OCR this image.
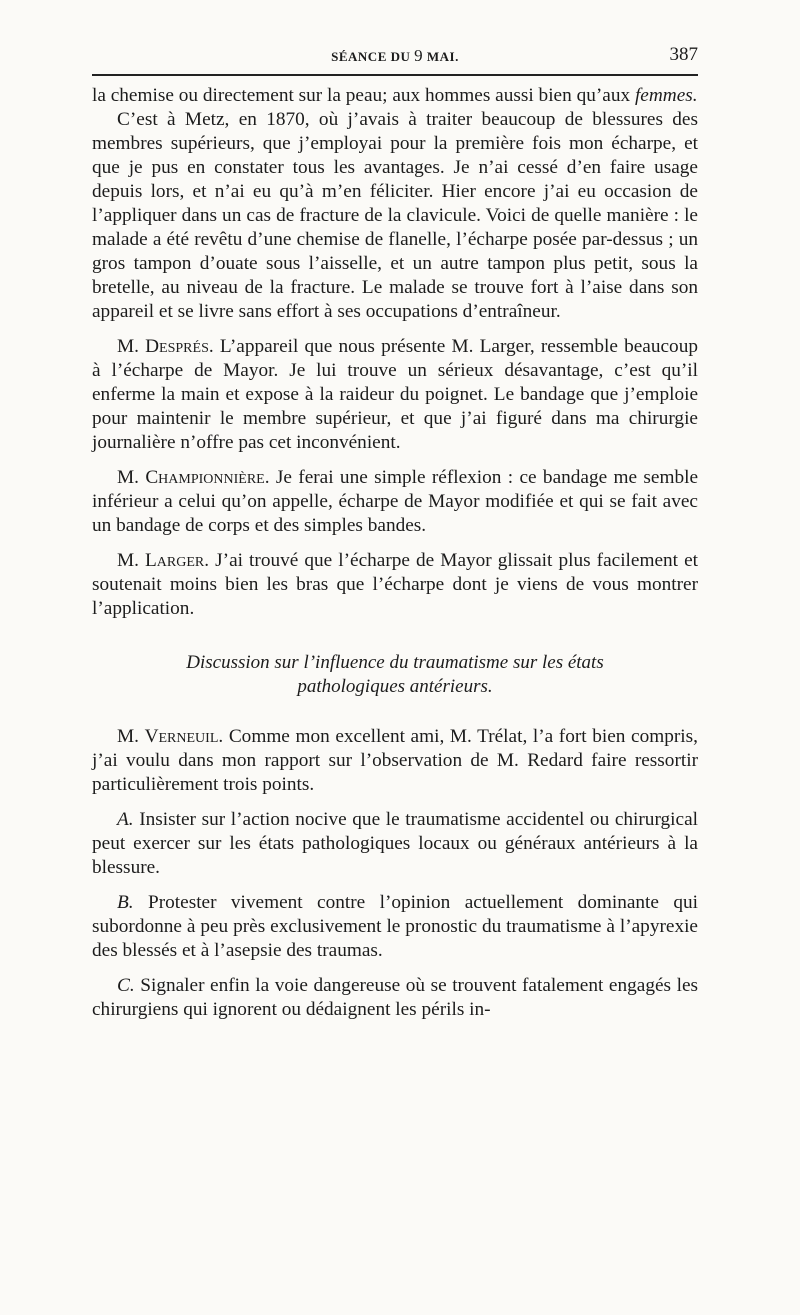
SÉANCE DU 9 MAI.	387

la chemise ou directement sur la peau; aux hommes aussi bien qu’aux femmes.

C’est à Metz, en 1870, où j’avais à traiter beaucoup de blessures des membres supérieurs, que j’employai pour la première fois mon écharpe, et que je pus en constater tous les avantages. Je n’ai cessé d’en faire usage depuis lors, et n’ai eu qu’à m’en féliciter. Hier encore j’ai eu occasion de l’appliquer dans un cas de fracture de la clavicule. Voici de quelle manière : le malade a été revêtu d’une chemise de flanelle, l’écharpe posée par-dessus ; un gros tampon d’ouate sous l’aisselle, et un autre tampon plus petit, sous la bretelle, au niveau de la fracture. Le malade se trouve fort à l’aise dans son appareil et se livre sans effort à ses occupations d’entraîneur.

M. Després. L’appareil que nous présente M. Larger, ressemble beaucoup à l’écharpe de Mayor. Je lui trouve un sérieux désavantage, c’est qu’il enferme la main et expose à la raideur du poignet. Le bandage que j’emploie pour maintenir le membre supérieur, et que j’ai figuré dans ma chirurgie journalière n’offre pas cet inconvénient.

M. Championnière. Je ferai une simple réflexion : ce bandage me semble inférieur a celui qu’on appelle, écharpe de Mayor modifiée et qui se fait avec un bandage de corps et des simples bandes.

M. Larger. J’ai trouvé que l’écharpe de Mayor glissait plus facilement et soutenait moins bien les bras que l’écharpe dont je viens de vous montrer l’application.

Discussion sur l’influence du traumatisme sur les états pathologiques antérieurs.

M. Verneuil. Comme mon excellent ami, M. Trélat, l’a fort bien compris, j’ai voulu dans mon rapport sur l’observation de M. Redard faire ressortir particulièrement trois points.

A. Insister sur l’action nocive que le traumatisme accidentel ou chirurgical peut exercer sur les états pathologiques locaux ou généraux antérieurs à la blessure.

B. Protester vivement contre l’opinion actuellement dominante qui subordonne à peu près exclusivement le pronostic du traumatisme à l’apyrexie des blessés et à l’asepsie des traumas.

C. Signaler enfin la voie dangereuse où se trouvent fatalement engagés les chirurgiens qui ignorent ou dédaignent les périls in-
